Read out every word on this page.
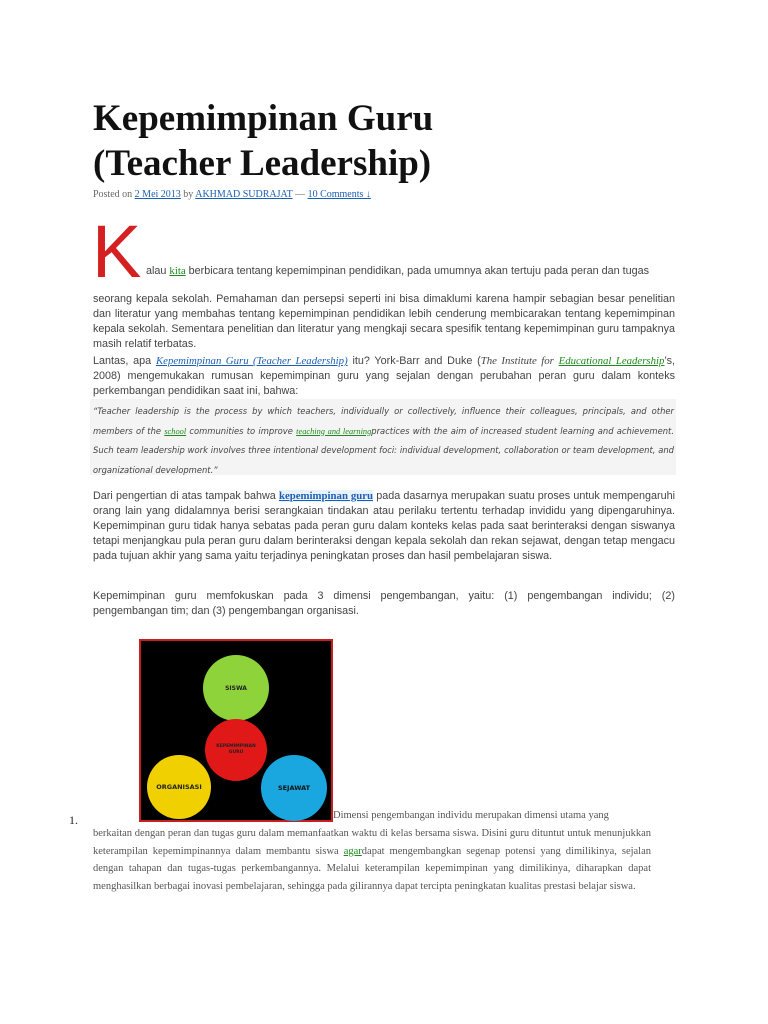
Kepemimpinan Guru
(Teacher Leadership)
Posted on 2 Mei 2013 by AKHMAD SUDRAJAT — 10 Comments ↓
K alau kita berbicara tentang kepemimpinan pendidikan, pada umumnya akan tertuju pada peran dan tugas

seorang kepala sekolah. Pemahaman dan persepsi seperti ini bisa dimaklumi karena hampir sebagian besar penelitian dan literatur yang membahas tentang kepemimpinan pendidikan lebih cenderung membicarakan tentang kepemimpinan kepala sekolah. Sementara penelitian dan literatur yang mengkaji secara spesifik tentang kepemimpinan guru tampaknya masih relatif terbatas.

Lantas, apa Kepemimpinan Guru (Teacher Leadership) itu? York-Barr and Duke (The Institute for Educational Leadership’s, 2008) mengemukakan rumusan kepemimpinan guru yang sejalan dengan perubahan peran guru dalam konteks perkembangan pendidikan saat ini, bahwa:

“Teacher leadership is the process by which teachers, individually or collectively, influence their colleagues, principals, and other members of the school communities to improve teaching and learningpractices with the aim of increased student learning and achievement. Such team leadership work involves three intentional development foci: individual development, collaboration or team development, and organizational development.”

Dari pengertian di atas tampak bahwa kepemimpinan guru pada dasarnya merupakan suatu proses untuk mempengaruhi orang lain yang didalamnya berisi serangkaian tindakan atau perilaku tertentu terhadap invididu yang dipengaruhinya. Kepemimpinan guru tidak hanya sebatas pada peran guru dalam konteks kelas pada saat berinteraksi dengan siswanya tetapi menjangkau pula peran guru dalam berinteraksi dengan kepala sekolah dan rekan sejawat, dengan tetap mengacu pada tujuan akhir yang sama yaitu terjadinya peningkatan proses dan hasil pembelajaran siswa.

Kepemimpinan guru memfokuskan pada 3 dimensi pengembangan, yaitu: (1) pengembangan individu; (2) pengembangan tim; dan (3) pengembangan organisasi.

SISWA
KEPEMIMPINAN
GURU
ORGANISASI	SEJAWAT
1.	Dimensi pengembangan individu merupakan dimensi utama yang

berkaitan dengan peran dan tugas guru dalam memanfaatkan waktu di kelas bersama siswa. Disini guru dituntut untuk menunjukkan keterampilan kepemimpinannya dalam membantu siswa agardapat mengembangkan segenap potensi yang dimilikinya, sejalan dengan tahapan dan tugas-tugas perkembangannya. Melalui keterampilan kepemimpinan yang dimilikinya, diharapkan dapat menghasilkan berbagai inovasi pembelajaran, sehingga pada gilirannya dapat tercipta peningkatan kualitas prestasi belajar siswa.
